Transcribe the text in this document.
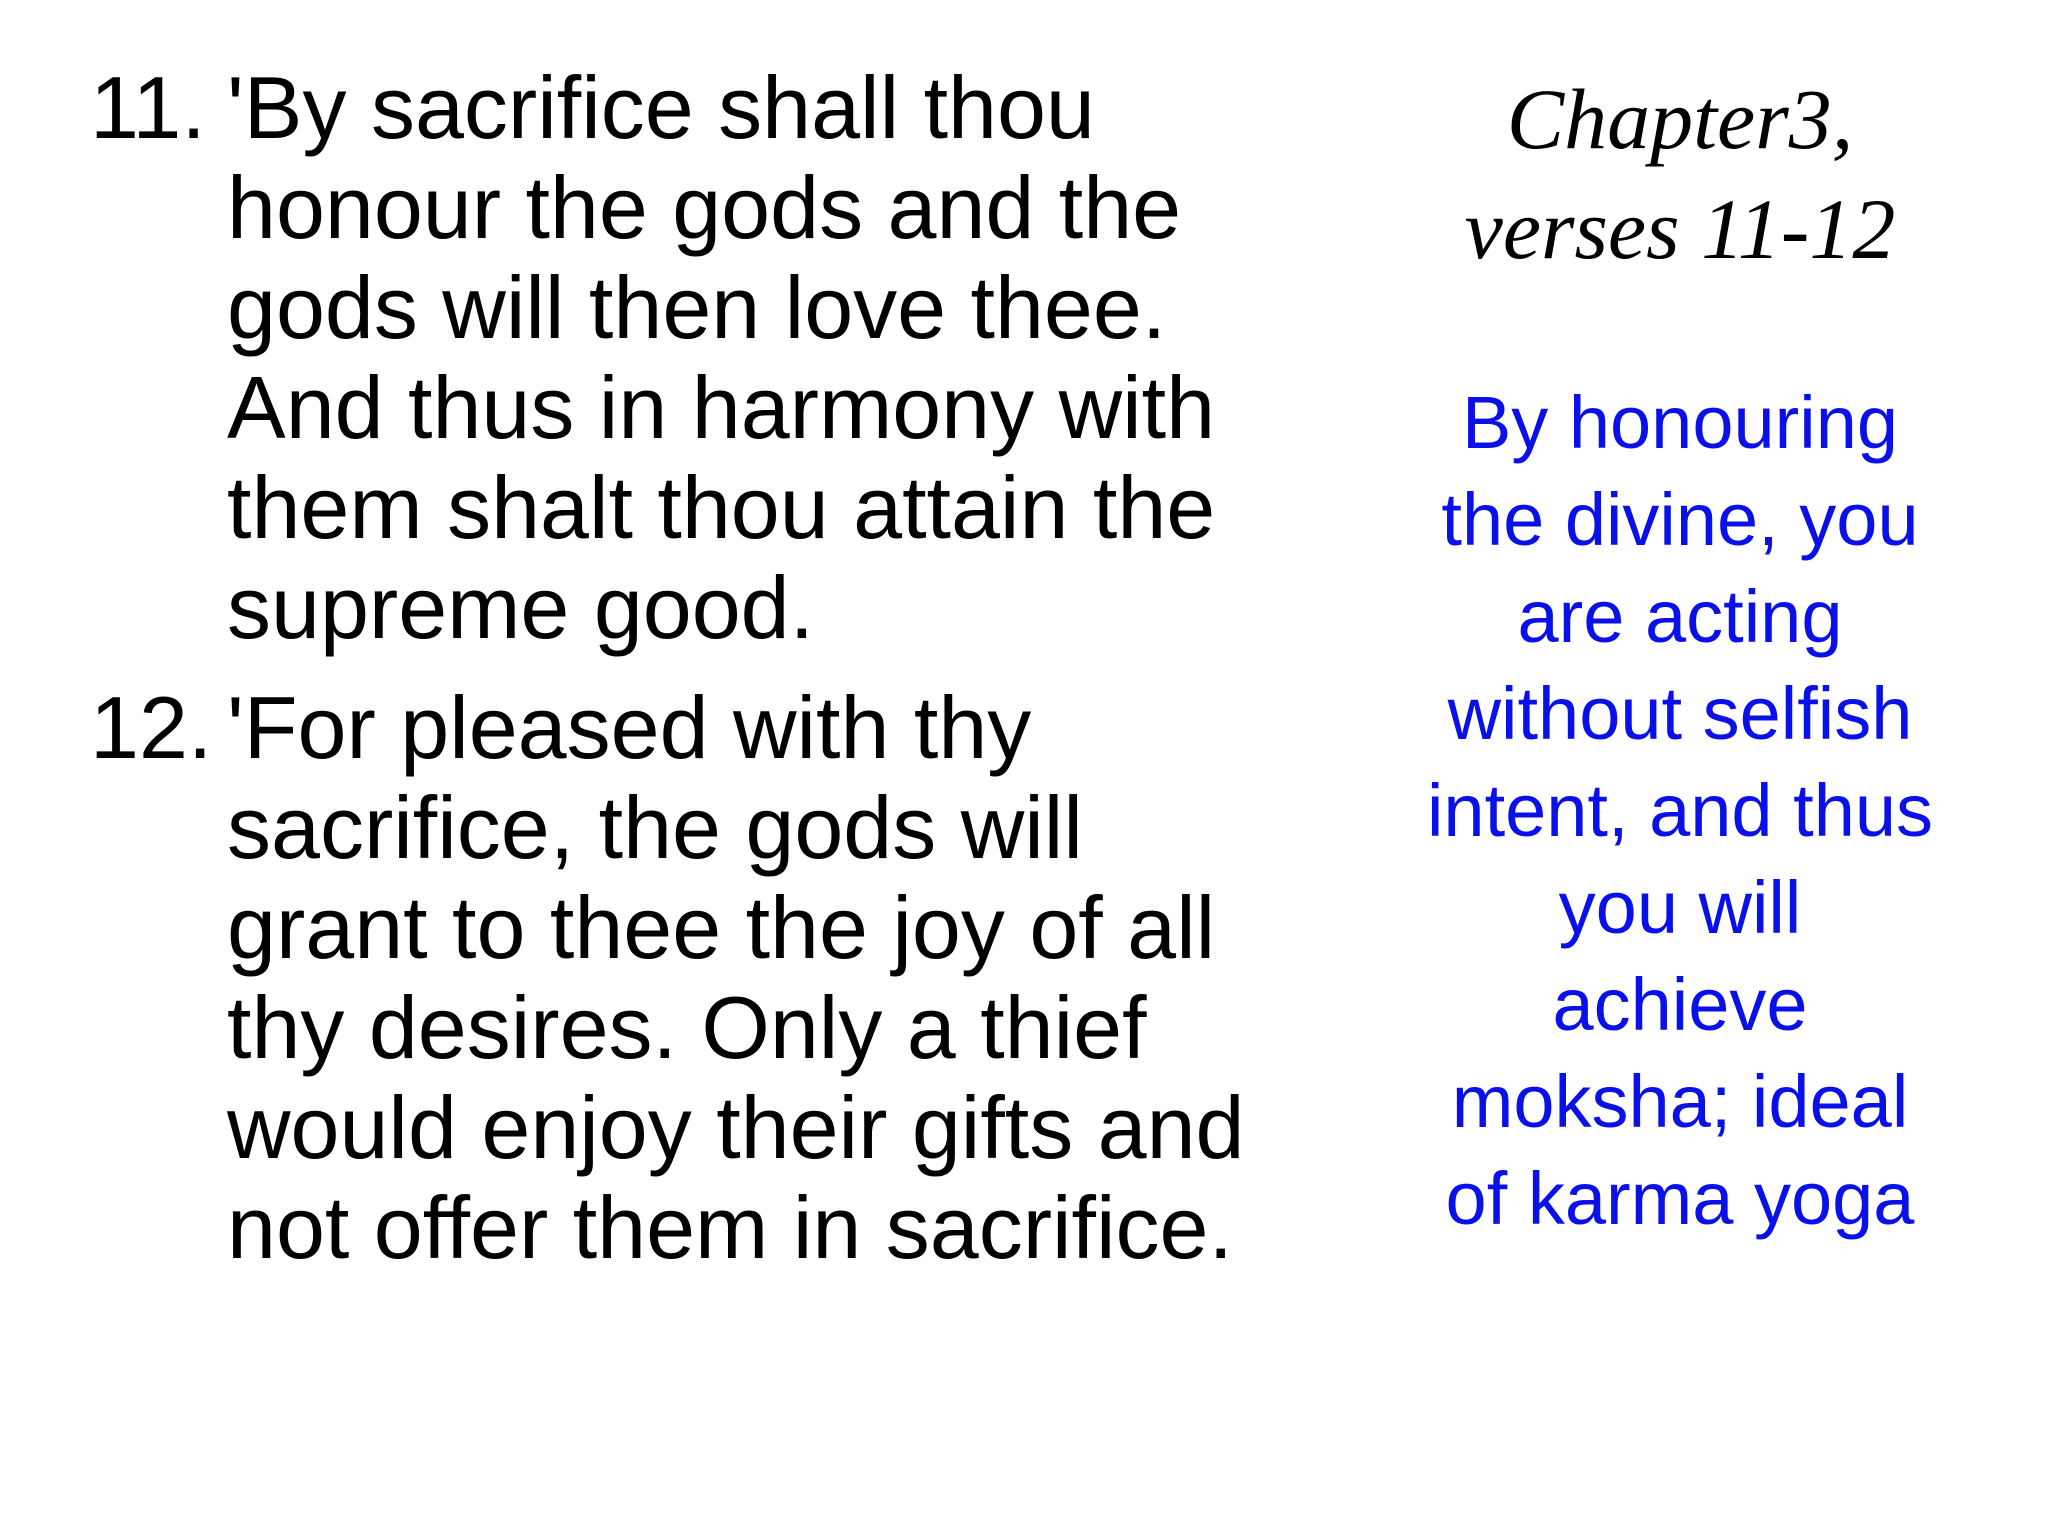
11. 'By sacrifice shall thou
honour the gods and the
gods will then love thee.
And thus in harmony with
them shalt thou attain the
supreme good.
12. 'For pleased with thy
sacrifice, the gods will
grant to thee the joy of all
thy desires. Only a thief
would enjoy their gifts and
not offer them in sacrifice.
Chapter3,
verses 11-12
By honouring
the divine, you
are acting
without selfish
intent, and thus
you will
achieve
moksha; ideal
of karma yoga
